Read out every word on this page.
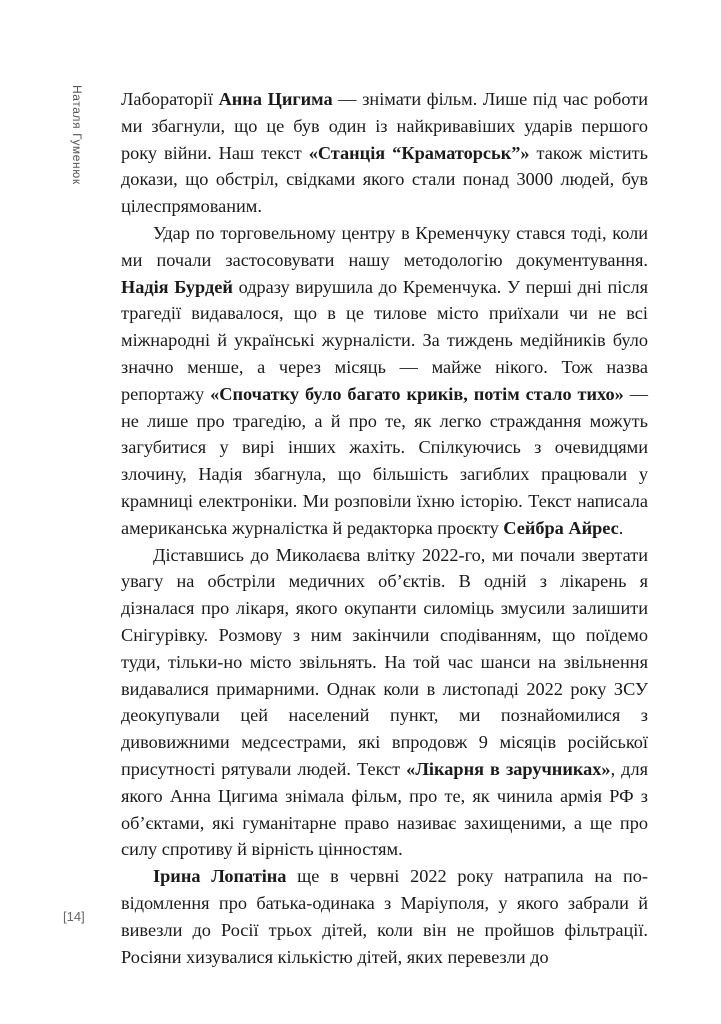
Наталя Гуменюк Лабораторії Анна Цигима — знімати фільм. Лише під час роботи ми збагнули, що це був один із найкривавіших ударів першого року війни. Наш текст «Станція “Краматорськ”» також містить докази, що обстріл, свідками якого стали понад 3000 людей, був цілеспрямованим.

Удар по торговельному центру в Кременчуку стався тоді, коли ми почали застосовувати нашу методологію документування. Надія Бурдей одразу вирушила до Кременчука. У перші дні після трагедії видавалося, що в це тилове місто приїхали чи не всі міжнародні й українські журналісти. За тиждень медійників було значно менше, а через місяць — майже нікого. Тож назва репортажу «Спочатку було багато криків, потім стало тихо» — не лише про трагедію, а й про те, як легко страждання можуть загубитися у вирі інших жахіть. Спілкуючись з очевидцями злочину, Надія збагнула, що більшість загиблих працювали у крамниці електроніки. Ми розповіли їхню історію. Текст написала американська журналістка й редакторка проєкту Сейбра Айрес.

Діставшись до Миколаєва влітку 2022-го, ми почали звертати увагу на обстріли медичних об’єктів. В одній з лікарень я дізналася про лікаря, якого окупанти силоміць змусили залишити Снігурівку. Розмову з ним закінчили сподіванням, що поїдемо туди, тільки-но місто звільнять. На той час шанси на звільнення видавалися примарними. Однак коли в листопаді 2022 року ЗСУ деокупували цей населений пункт, ми познайомилися з дивовижними медсестрами, які впродовж 9 місяців російської присутності рятували людей. Текст «Лікарня в заручниках», для якого Анна Цигима знімала фільм, про те, як чинила армія РФ з об’єктами, які гуманітарне право називає захищеними, а ще про силу спротиву й вірність цінностям.

Ірина Лопатіна ще в червні 2022 року натрапила на повідомлення про батька-одинака з Маріуполя, у якого забрали й вивезли до Росії трьох дітей, коли він не пройшов фільтрації. Росіяни хизувалися кількістю дітей, яких перевезли до

[14]
